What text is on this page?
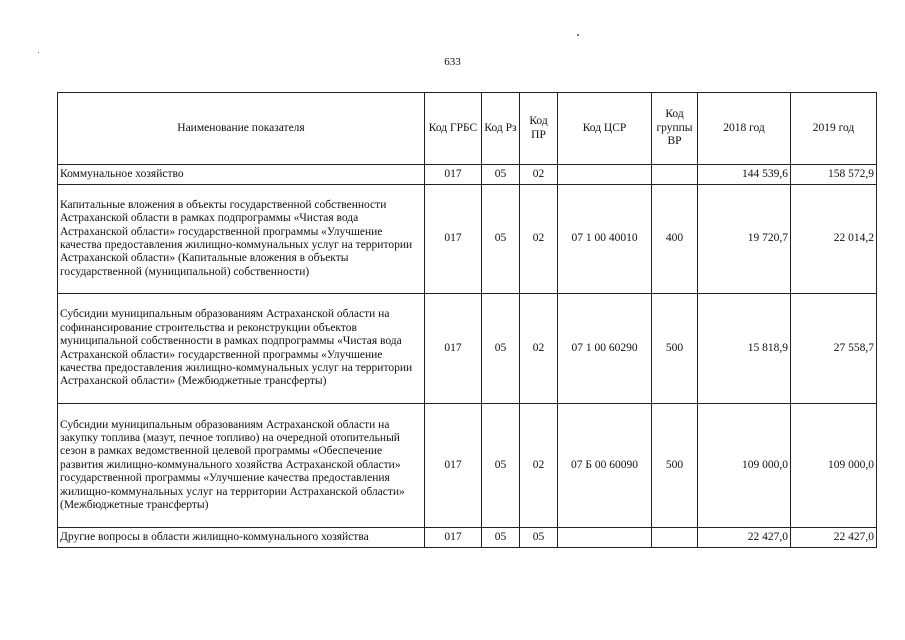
633
Наименование показателя	Код ГРБС	Код Рз	Код ПР	Код ЦСР	Код группы ВР	2018 год	2019 год
Коммунальное хозяйство	017	05	02			144 539,6	158 572,9
Капитальные вложения в объекты государственной собственности Астраханской области в рамках подпрограммы «Чистая вода Астраханской области» государственной программы «Улучшение качества предоставления жилищно-коммунальных услуг на территории Астраханской области» (Капитальные вложения в объекты государственной (муниципальной) собственности)	017	05	02	07 1 00 40010	400	19 720,7	22 014,2
Субсидии муниципальным образованиям Астраханской области на софинансирование строительства и реконструкции объектов муниципальной собственности в рамках подпрограммы «Чистая вода Астраханской области» государственной программы «Улучшение качества предоставления жилищно-коммунальных услуг на территории Астраханской области» (Межбюджетные трансферты)	017	05	02	07 1 00 60290	500	15 818,9	27 558,7
Субсидии муниципальным образованиям Астраханской области на закупку топлива (мазут, печное топливо) на очередной отопительный сезон в рамках ведомственной целевой программы «Обеспечение развития жилищно-коммунального хозяйства Астраханской области» государственной программы «Улучшение качества предоставления жилищно-коммунальных услуг на территории Астраханской области» (Межбюджетные трансферты)	017	05	02	07 Б 00 60090	500	109 000,0	109 000,0
Другие вопросы в области жилищно-коммунального хозяйства	017	05	05			22 427,0	22 427,0
